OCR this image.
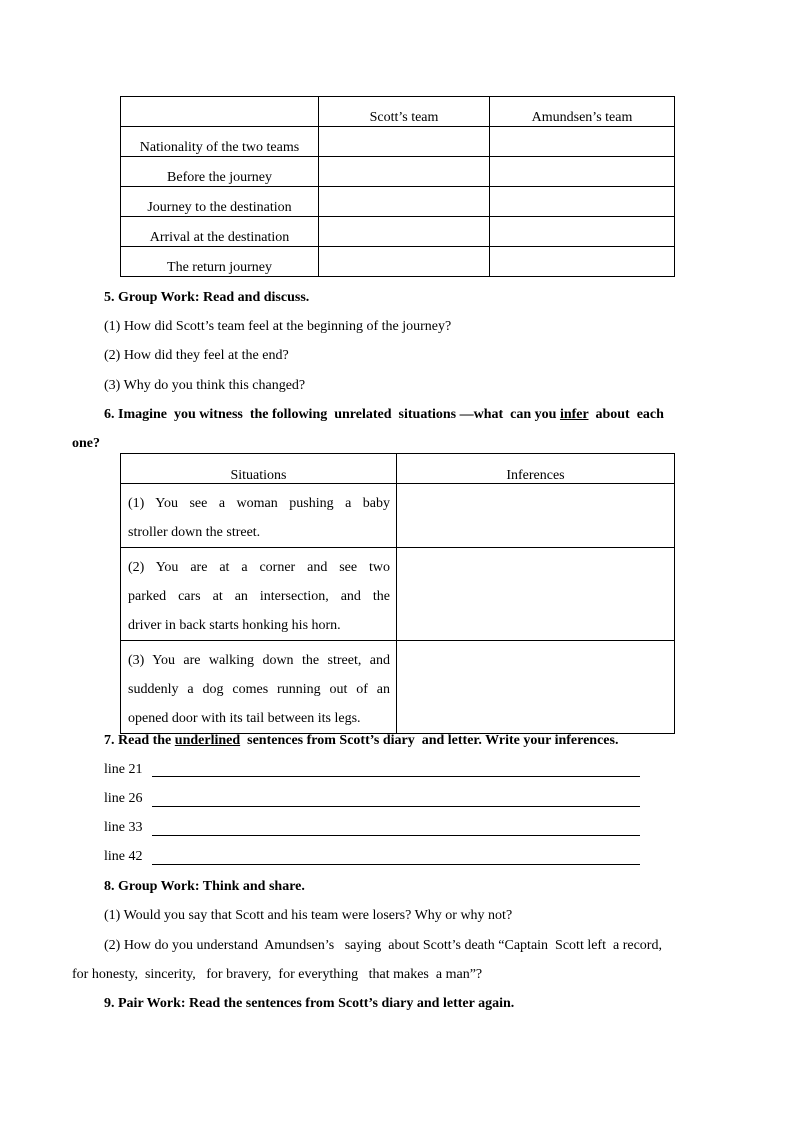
	Scott’s team	Amundsen’s team
Nationality of the two teams		
Before the journey		
Journey to the destination		
Arrival at the destination		
The return journey		
5. Group Work: Read and discuss.
(1) How did Scott’s team feel at the beginning of the journey?
(2) How did they feel at the end?
(3) Why do you think this changed?
6. Imagine  you witness  the following  unrelated  situations —what  can you infer  about  each
one?
Situations	Inferences

(1) You see a woman pushing a baby
stroller down the street.	

(2) You are at a corner and see two
parked cars at an intersection, and the
driver in back starts honking his horn.	

(3) You are walking down the street, and
suddenly a dog comes running out of an
opened door with its tail between its legs.	

7. Read the underlined  sentences from Scott’s diary  and letter. Write your inferences.
line 21
line 26
line 33
line 42
8. Group Work: Think and share.
(1) Would you say that Scott and his team were losers? Why or why not?
(2) How do you understand  Amundsen’s   saying  about Scott’s death “Captain  Scott left  a record,
for honesty,  sincerity,   for bravery,  for everything   that makes  a man”?
9. Pair Work: Read the sentences from Scott’s diary and letter again.
